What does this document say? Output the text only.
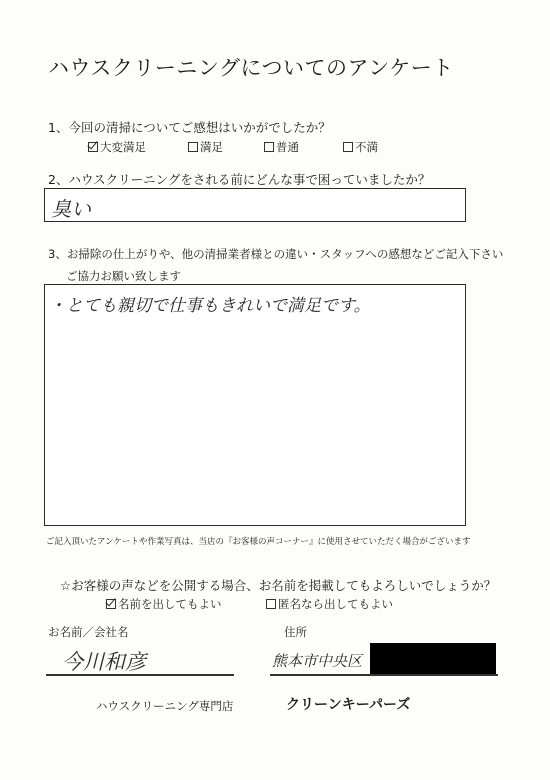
ハウスクリーニングについてのアンケート
1、今回の清掃についてご感想はいかがでしたか？
大変満足	満足	普通	不満
2、ハウスクリーニングをされる前にどんな事で困っていましたか？
臭い
3、お掃除の仕上がりや、他の清掃業者様との違い・スタッフへの感想などご記入下さい
ご協力お願い致します
・とても親切で仕事もきれいで満足です。
ご記入頂いたアンケートや作業写真は、当店の『お客様の声コーナー』に使用させていただく場合がございます
☆お客様の声などを公開する場合、お名前を掲載してもよろしいでしょうか？
名前を出してもよい	匿名なら出してもよい
お名前／会社名
今川和彦
住所
熊本市中央区
ハウスクリーニング専門店	クリーンキーパーズ
